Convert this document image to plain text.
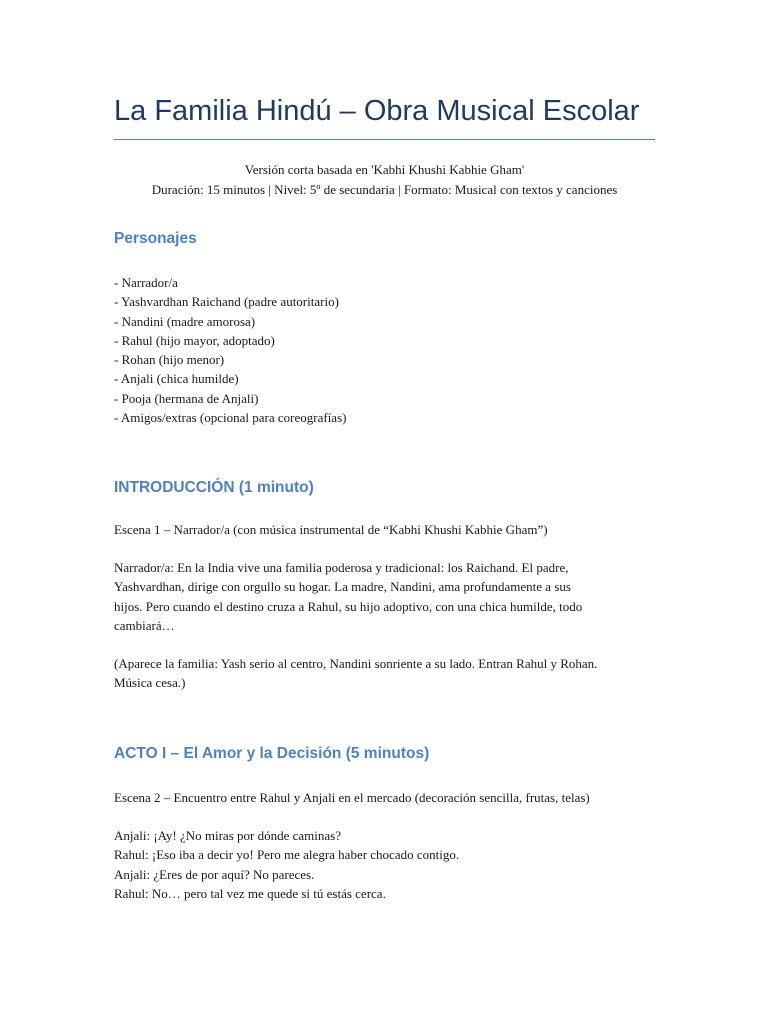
La Familia Hindú – Obra Musical Escolar
Versión corta basada en 'Kabhi Khushi Kabhie Gham'
Duración: 15 minutos | Nivel: 5º de secundaria | Formato: Musical con textos y canciones
Personajes
- Narrador/a
- Yashvardhan Raichand (padre autoritario)
- Nandini (madre amorosa)
- Rahul (hijo mayor, adoptado)
- Rohan (hijo menor)
- Anjali (chica humilde)
- Pooja (hermana de Anjali)
- Amigos/extras (opcional para coreografías)
INTRODUCCIÓN (1 minuto)
Escena 1 – Narrador/a (con música instrumental de “Kabhi Khushi Kabhie Gham”)
Narrador/a: En la India vive una familia poderosa y tradicional: los Raichand. El padre,
Yashvardhan, dirige con orgullo su hogar. La madre, Nandini, ama profundamente a sus
hijos. Pero cuando el destino cruza a Rahul, su hijo adoptivo, con una chica humilde, todo
cambiará…
(Aparece la familia: Yash serio al centro, Nandini sonriente a su lado. Entran Rahul y Rohan.
Música cesa.)
ACTO I – El Amor y la Decisión (5 minutos)
Escena 2 – Encuentro entre Rahul y Anjali en el mercado (decoración sencilla, frutas, telas)
Anjali: ¡Ay! ¿No miras por dónde caminas?
Rahul: ¡Eso iba a decir yo! Pero me alegra haber chocado contigo.
Anjali: ¿Eres de por aquí? No pareces.
Rahul: No… pero tal vez me quede si tú estás cerca.
